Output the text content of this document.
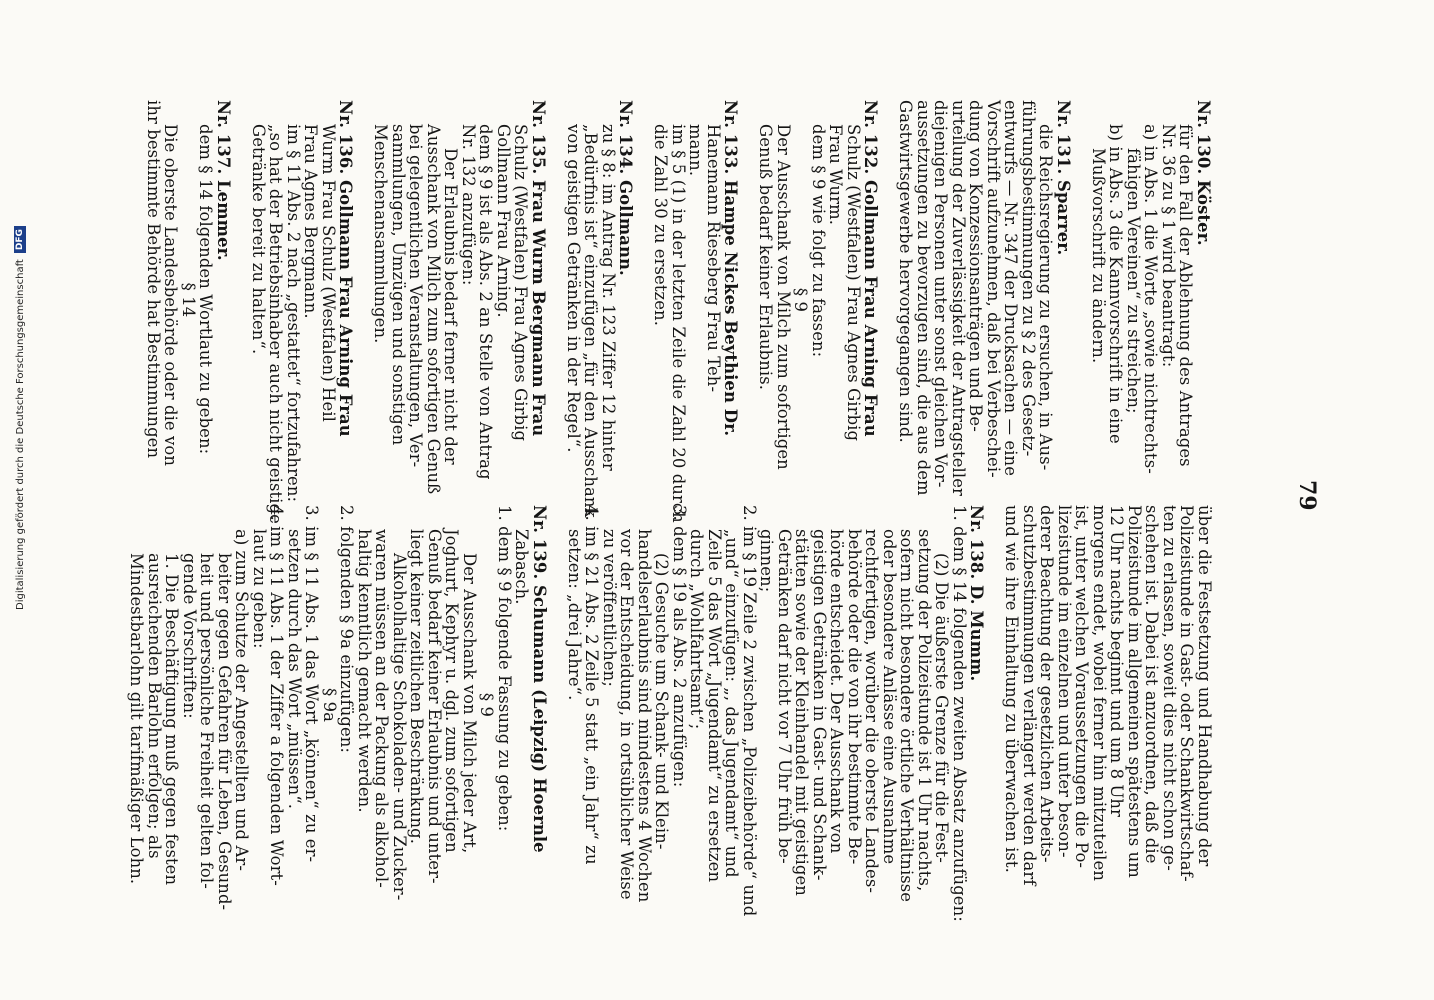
79

Nr. 130. Köster.

für den Fall der Ablehnung des Antrages

Nr. 36 zu § 1 wird beantragt:

a) in Abs. 1 die Worte „sowie nichtrechts-

fähigen Vereinen“ zu streichen;

b) in Abs. 3 die Kannvorschrift in eine

Mußvorschrift zu ändern.

Nr. 131. Sparrer.

die Reichsregierung zu ersuchen, in Aus-

führungsbestimmungen zu § 2 des Gesetz-

entwurfs — Nr. 347 der Drucksachen — eine

Vorschrift aufzunehmen, daß bei Verbeschei-

dung von Konzessionsanträgen und Be-

urteilung der Zuverlässigkeit der Antragsteller

diejenigen Personen unter sonst gleichen Vor-

aussetzungen zu bevorzugen sind, die aus dem

Gastwirtsgewerbe hervorgegangen sind.

Nr. 132. Gollmann Frau Arning Frau

Schulz (Westfalen) Frau Agnes Girbig

Frau Wurm.

dem § 9 wie folgt zu fassen:

§ 9

Der Ausschank von Milch zum sofortigen

Genuß bedarf keiner Erlaubnis.

Nr. 133. Hampe Nickes Beythien Dr.

Hanemann Rieseberg Frau Teh-

mann.

im § 5 (1) in der letzten Zeile die Zahl 20 durch

die Zahl 30 zu ersetzen.

Nr. 134. Gollmann.

zu § 8: im Antrag Nr. 123 Ziffer 12 hinter

„Bedürfnis ist“ einzufügen „für den Ausschank

von geistigen Getränken in der Regel“.

Nr. 135. Frau Wurm Bergmann Frau

Schulz (Westfalen) Frau Agnes Girbig

Gollmann Frau Arning.

dem § 9 ist als Abs. 2 an Stelle von Antrag

Nr. 132 anzufügen:

Der Erlaubnis bedarf ferner nicht der

Ausschank von Milch zum sofortigen Genuß

bei gelegentlichen Veranstaltungen, Ver-

sammlungen, Umzügen und sonstigen

Menschenansammlungen.

Nr. 136. Gollmann Frau Arning Frau

Wurm Frau Schulz (Westfalen) Heil

Frau Agnes Bergmann.

im § 11 Abs. 2 nach „gestattet“ fortzufahren:

„so hat der Betriebsinhaber auch nicht geistige

Getränke bereit zu halten“.

Nr. 137. Lemmer.

dem § 14 folgenden Wortlaut zu geben:

§ 14

Die oberste Landesbehörde oder die von

ihr bestimmte Behörde hat Bestimmungen

über die Festsetzung und Handhabung der

Polizeistunde in Gast- oder Schankwirtschaf-

ten zu erlassen, soweit dies nicht schon ge-

schehen ist. Dabei ist anzuordnen, daß die

Polizeistunde im allgemeinen spätestens um

12 Uhr nachts beginnt und um 8 Uhr

morgens endet, wobei ferner hin mitzuteilen

ist, unter welchen Voraussetzungen die Po-

lizeistunde im einzelnen und unter beson-

derer Beachtung der gesetzlichen Arbeits-

schutzbestimmungen verlängert werden darf

und wie ihre Einhaltung zu überwachen ist.

Nr. 138. D. Mumm.

1. dem § 14 folgenden zweiten Absatz anzufügen:

(2) Die äußerste Grenze für die Fest-

setzung der Polizeistunde ist 1 Uhr nachts,

sofern nicht besondere örtliche Verhältnisse

oder besondere Anlässe eine Ausnahme

rechtfertigen, worüber die oberste Landes-

behörde oder die von ihr bestimmte Be-

hörde entscheidet. Der Ausschank von

geistigen Getränken in Gast- und Schank-

stätten sowie der Kleinhandel mit geistigen

Getränken darf nicht vor 7 Uhr früh be-

ginnen;

2. im § 19 Zeile 2 zwischen „Polizeibehörde“ und

„und“ einzufügen: „, das Jugendamt“ und

Zeile 5 das Wort „Jugendamt“ zu ersetzen

durch „Wohlfahrtsamt“;

3. dem § 19 als Abs. 2 anzufügen:

(2) Gesuche um Schank- und Klein-

handelserlaubnis sind mindestens 4 Wochen

vor der Entscheidung, in ortsüblicher Weise

zu veröffentlichen;

4. im § 21 Abs. 2 Zeile 5 statt „ein Jahr“ zu

setzen: „drei Jahre“.

Nr. 139. Schumann (Leipzig) Hoernle

Zabasch.

1. dem § 9 folgende Fassung zu geben:

§ 9

Der Ausschank von Milch jeder Art,

Joghurt, Kephyr u. dgl. zum sofortigen

Genuß bedarf keiner Erlaubnis und unter-

liegt keiner zeitlichen Beschränkung.

Alkoholhaltige Schokoladen- und Zucker-

waren müssen an der Packung als alkohol-

haltig kenntlich gemacht werden.

2. folgenden § 9a einzufügen:

§ 9a

3. im § 11 Abs. 1 das Wort „können“ zu er-

setzen durch das Wort „müssen“.

4. im § 11 Abs. 1 der Ziffer a folgenden Wort-

laut zu geben:

a) zum Schutze der Angestellten und Ar-

beiter gegen Gefahren für Leben, Gesund-

heit und persönliche Freiheit gelten fol-

gende Vorschriften:

1. Die Beschäftigung muß gegen festen

ausreichenden Barlohn erfolgen; als

Mindestbarlohn gilt tarifmäßiger Lohn.

Digitalisierung gefördert durch die Deutsche Forschungsgemeinschaft
DFG
